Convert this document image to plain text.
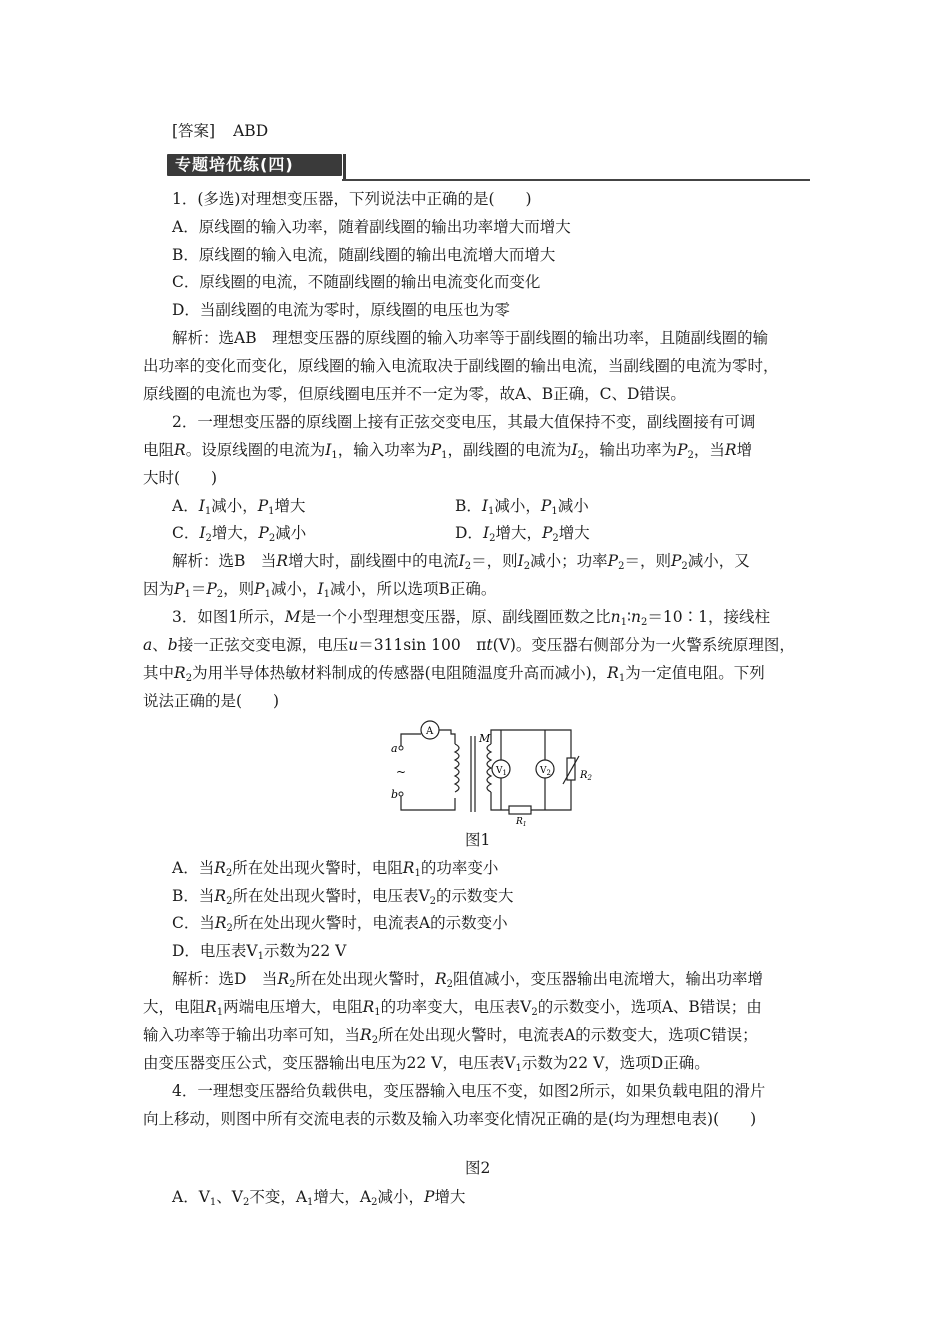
[答案] ABD
专题培优练(四)
1．(多选)对理想变压器，下列说法中正确的是(　　)
A．原线圈的输入功率，随着副线圈的输出功率增大而增大
B．原线圈的输入电流，随副线圈的输出电流增大而增大
C．原线圈的电流，不随副线圈的输出电流变化而变化
D．当副线圈的电流为零时，原线圈的电压也为零
解析：选AB　理想变压器的原线圈的输入功率等于副线圈的输出功率，且随副线圈的输
出功率的变化而变化，原线圈的输入电流取决于副线圈的输出电流，当副线圈的电流为零时，
原线圈的电流也为零，但原线圈电压并不一定为零，故A、B正确，C、D错误。
2．一理想变压器的原线圈上接有正弦交变电压，其最大值保持不变，副线圈接有可调
电阻R。设原线圈的电流为$I_1$，输入功率为$P_1$，副线圈的电流为$I_2$，输出功率为$P_2$，当R增
大时(　　)
A．$I_1$减小，$P_1$增大	B．$I_1$减小，$P_1$减小
C．$I_2$增大，$P_2$减小	D．$I_2$增大，$P_2$增大
解析：选B　当R增大时，副线圈中的电流$I_2=$，则$I_2$减小；功率$P_2=$，则$P_2$减小，又
因为$P_1=P_2$，则$P_1$减小，$I_1$减小，所以选项B正确。
3．如图1所示，M是一个小型理想变压器，原、副线圈匝数之比$n_1∶n_2=10∶1$，接线柱
a、b接一正弦交变电源，电压u＝311sin 100　πt(V)。变压器右侧部分为一火警系统原理图，
其中$R_2$为用半导体热敏材料制成的传感器(电阻随温度升高而减小)，$R_1$为一定值电阻。下列
说法正确的是(　　)
a
b
~
A
M
$V_1$	$V_2$	$R_2$
$R_1$
图1
A．当$R_2$所在处出现火警时，电阻$R_1$的功率变小
B．当$R_2$所在处出现火警时，电压表$V_2$的示数变大
C．当$R_2$所在处出现火警时，电流表A的示数变小
D．电压表$V_1$示数为22 V
解析：选D　当$R_2$所在处出现火警时，$R_2$阻值减小，变压器输出电流增大，输出功率增
大，电阻$R_1$两端电压增大，电阻$R_1$的功率变大，电压表$V_2$的示数变小，选项A、B错误；由
输入功率等于输出功率可知，当$R_2$所在处出现火警时，电流表A的示数变大，选项C错误；
由变压器变压公式，变压器输出电压为22 V，电压表$V_1$示数为22 V，选项D正确。
4．一理想变压器给负载供电，变压器输入电压不变，如图2所示，如果负载电阻的滑片
向上移动，则图中所有交流电表的示数及输入功率变化情况正确的是(均为理想电表)(　　)
图2
A．$V_1$、$V_2$不变，$A_1$增大，$A_2$减小，P增大
